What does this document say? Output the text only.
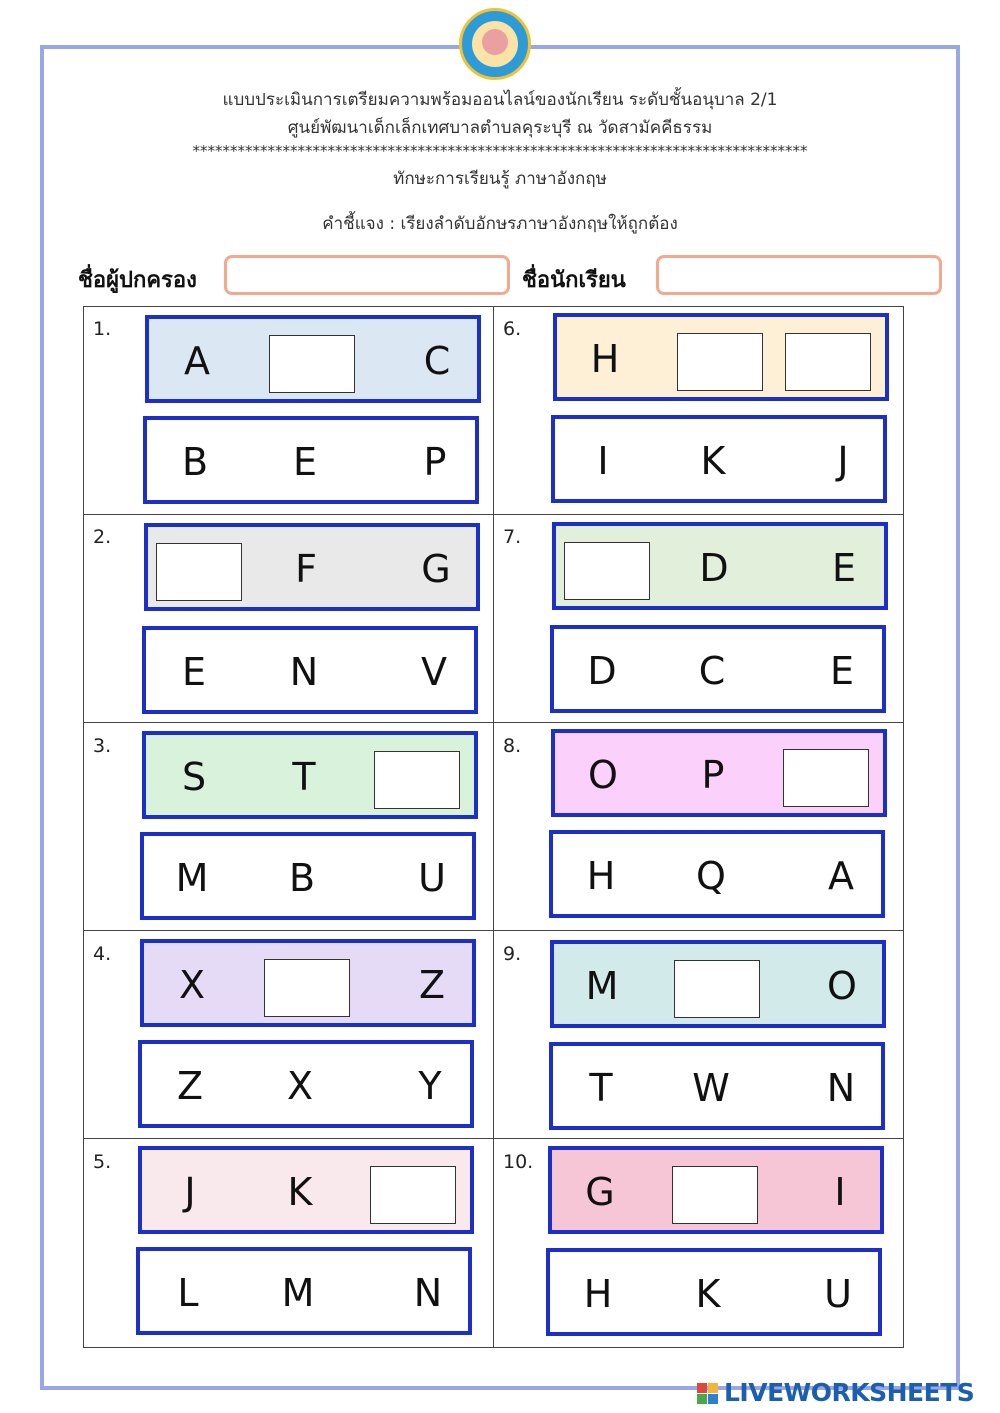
แบบประเมินการเตรียมความพร้อมออนไลน์ของนักเรียน ระดับชั้นอนุบาล 2/1
ศูนย์พัฒนาเด็กเล็กเทศบาลตำบลคุระบุรี ณ วัดสามัคคีธรรม
**********************************************************************************
ทักษะการเรียนรู้ ภาษาอังกฤษ
คำชี้แจง : เรียงลำดับอักษรภาษาอังกฤษให้ถูกต้อง
ชื่อผู้ปกครอง	ชื่อนักเรียน
1.
A	C
B	E	P
2.
F	G
E	N	V
3.
S	T
M	B	U
4.
X	Z
Z	X	Y
5.
J	K
L	M	N
6.
H
I	K	J
7.
D	E
D	C	E
8.
O	P
H	Q	A
9.
M	O
T	W	N
10.
G	I
H	K	U
LIVEWORKSHEETS
